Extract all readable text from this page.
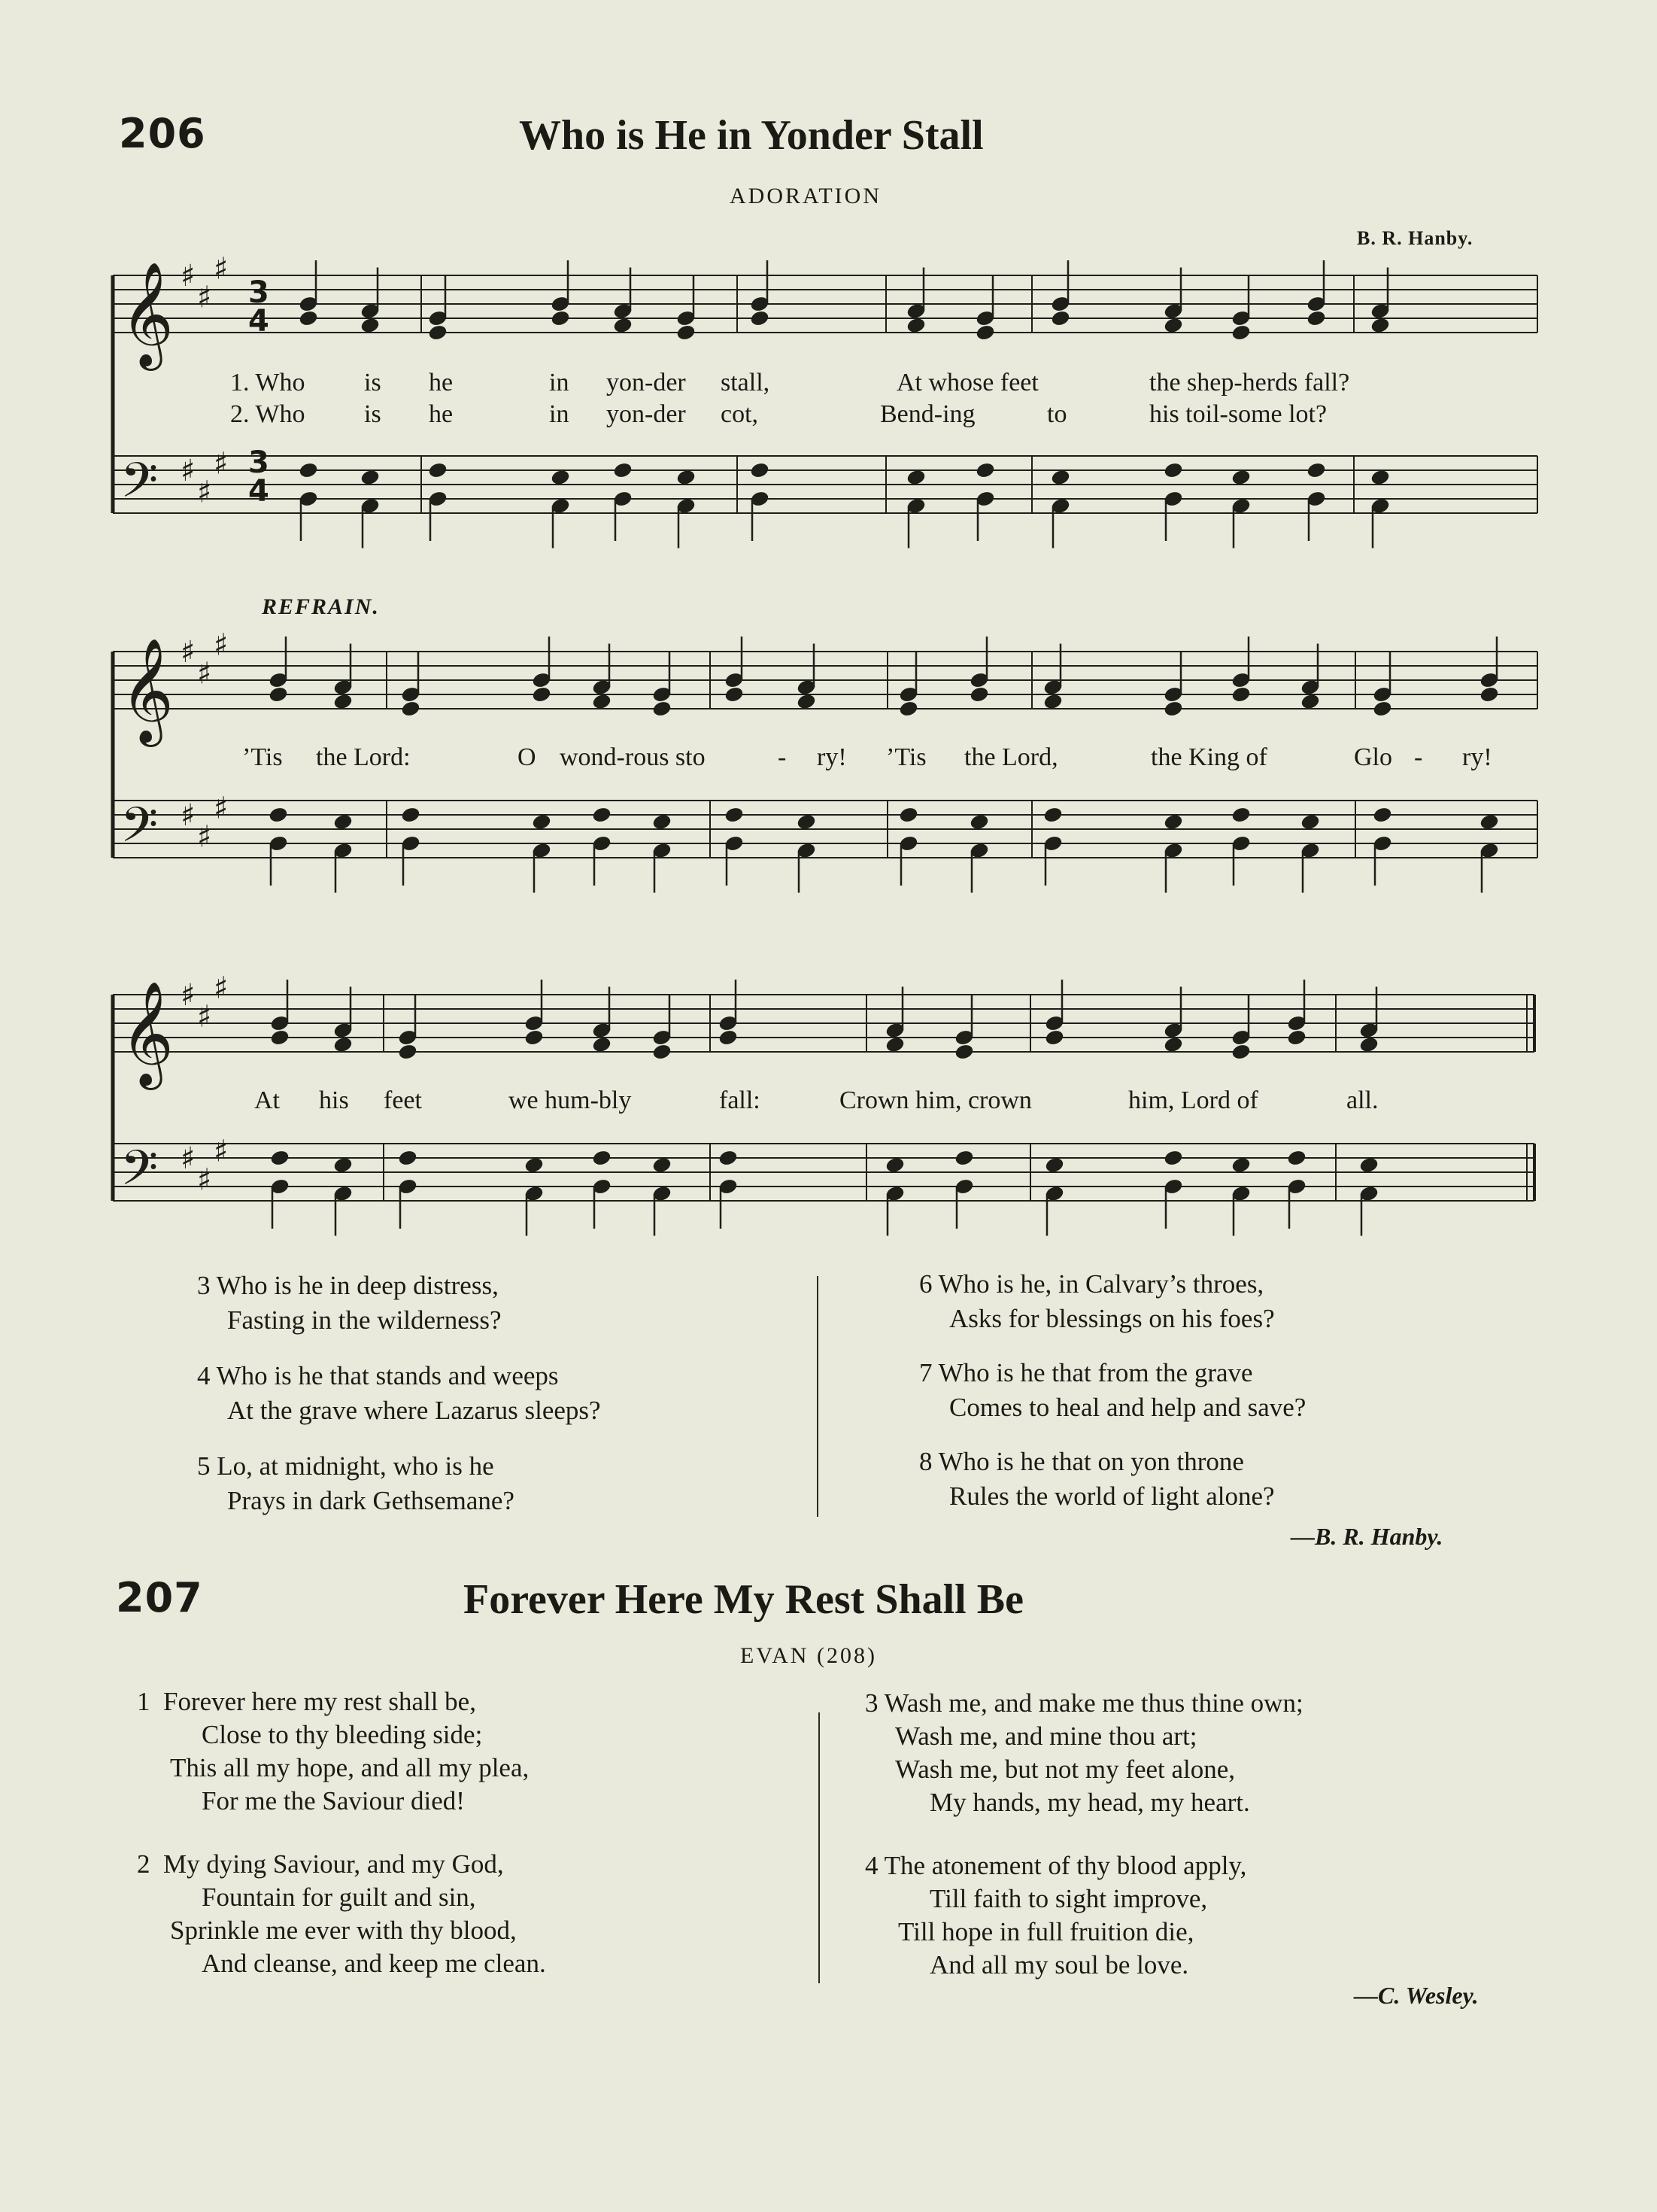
206	Who is He in Yonder Stall
ADORATION
B. R. Hanby.
𝄞 ♯
♯
♯
𝄢 ♯
♯
♯
𝄞 ♯
♯
♯
𝄢 ♯
♯
♯
𝄞 ♯
♯
♯
𝄢 ♯
♯
♯
3
4
3
4
1. Who is he	in yon-der stall,	At whose feet	the shep-herds fall?
2. Who is he	in yon-der cot,	Bend-ing	to	his toil-some lot?
REFRAIN.
’Tis the Lord:	O wond-rous sto	- ry! ’Tis the Lord,	the King of	Glo - ry!
At his feet	we hum-bly	fall:	Crown him, crown	him, Lord of	all.
3 Who is he in deep distress,
Fasting in the wilderness?
4 Who is he that stands and weeps
At the grave where Lazarus sleeps?
5 Lo, at midnight, who is he
Prays in dark Gethsemane?
6 Who is he, in Calvary’s throes,
Asks for blessings on his foes?
7 Who is he that from the grave
Comes to heal and help and save?
8 Who is he that on yon throne
Rules the world of light alone?
—B. R. Hanby.
207	Forever Here My Rest Shall Be
EVAN (208)
1 Forever here my rest shall be,
Close to thy bleeding side;
This all my hope, and all my plea,
For me the Saviour died!
2 My dying Saviour, and my God,
Fountain for guilt and sin,
Sprinkle me ever with thy blood,
And cleanse, and keep me clean.
3 Wash me, and make me thus thine own;
Wash me, and mine thou art;
Wash me, but not my feet alone,
My hands, my head, my heart.
4 The atonement of thy blood apply,
Till faith to sight improve,
Till hope in full fruition die,
And all my soul be love.
—C. Wesley.
